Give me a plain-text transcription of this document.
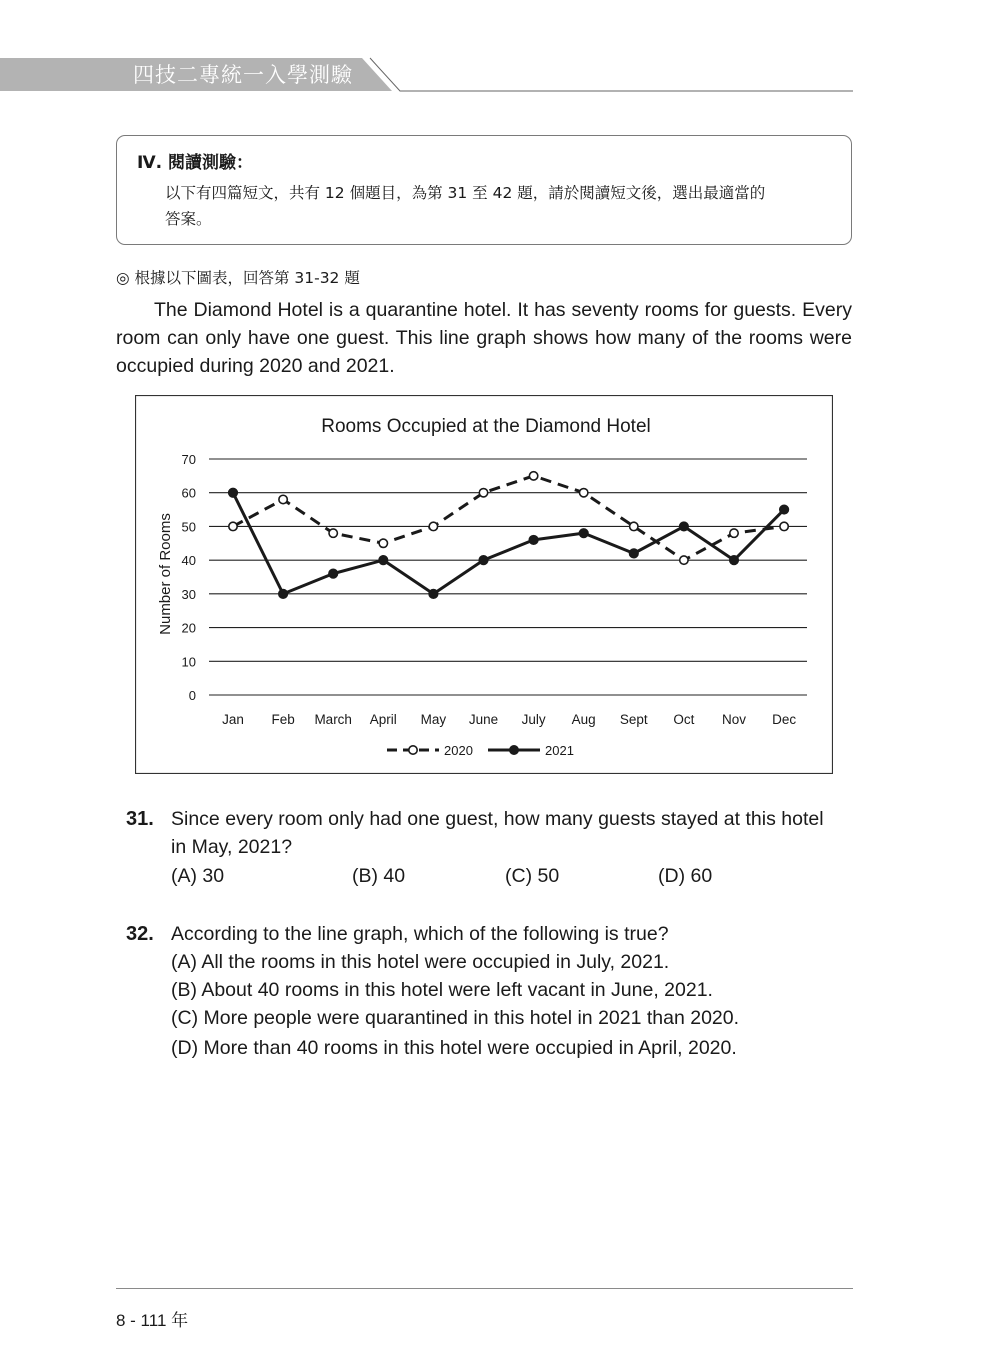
四技二專統一入學測驗
Ⅳ. 閱讀測驗：
以下有四篇短文，共有 12 個題目，為第 31 至 42 題，請於閱讀短文後，選出最適當的
答案。
◎ 根據以下圖表，回答第 31-32 題
The Diamond Hotel is a quarantine hotel. It has seventy rooms for guests. Every room can only have one guest. This line graph shows how many of the rooms were occupied during 2020 and 2021.
Rooms Occupied at the Diamond Hotel
Number of Rooms
0
10
20
30
40
50
60
70
Jan Feb March April May June July Aug Sept Oct Nov Dec
2020	2021
31. Since every room only had one guest, how many guests stayed at this hotel
in May, 2021?
(A) 30	(B) 40	(C) 50	(D) 60
32. According to the line graph, which of the following is true?
(A) All the rooms in this hotel were occupied in July, 2021.
(B) About 40 rooms in this hotel were left vacant in June, 2021.
(C) More people were quarantined in this hotel in 2021 than 2020.
(D) More than 40 rooms in this hotel were occupied in April, 2020.
8 - 111 年
